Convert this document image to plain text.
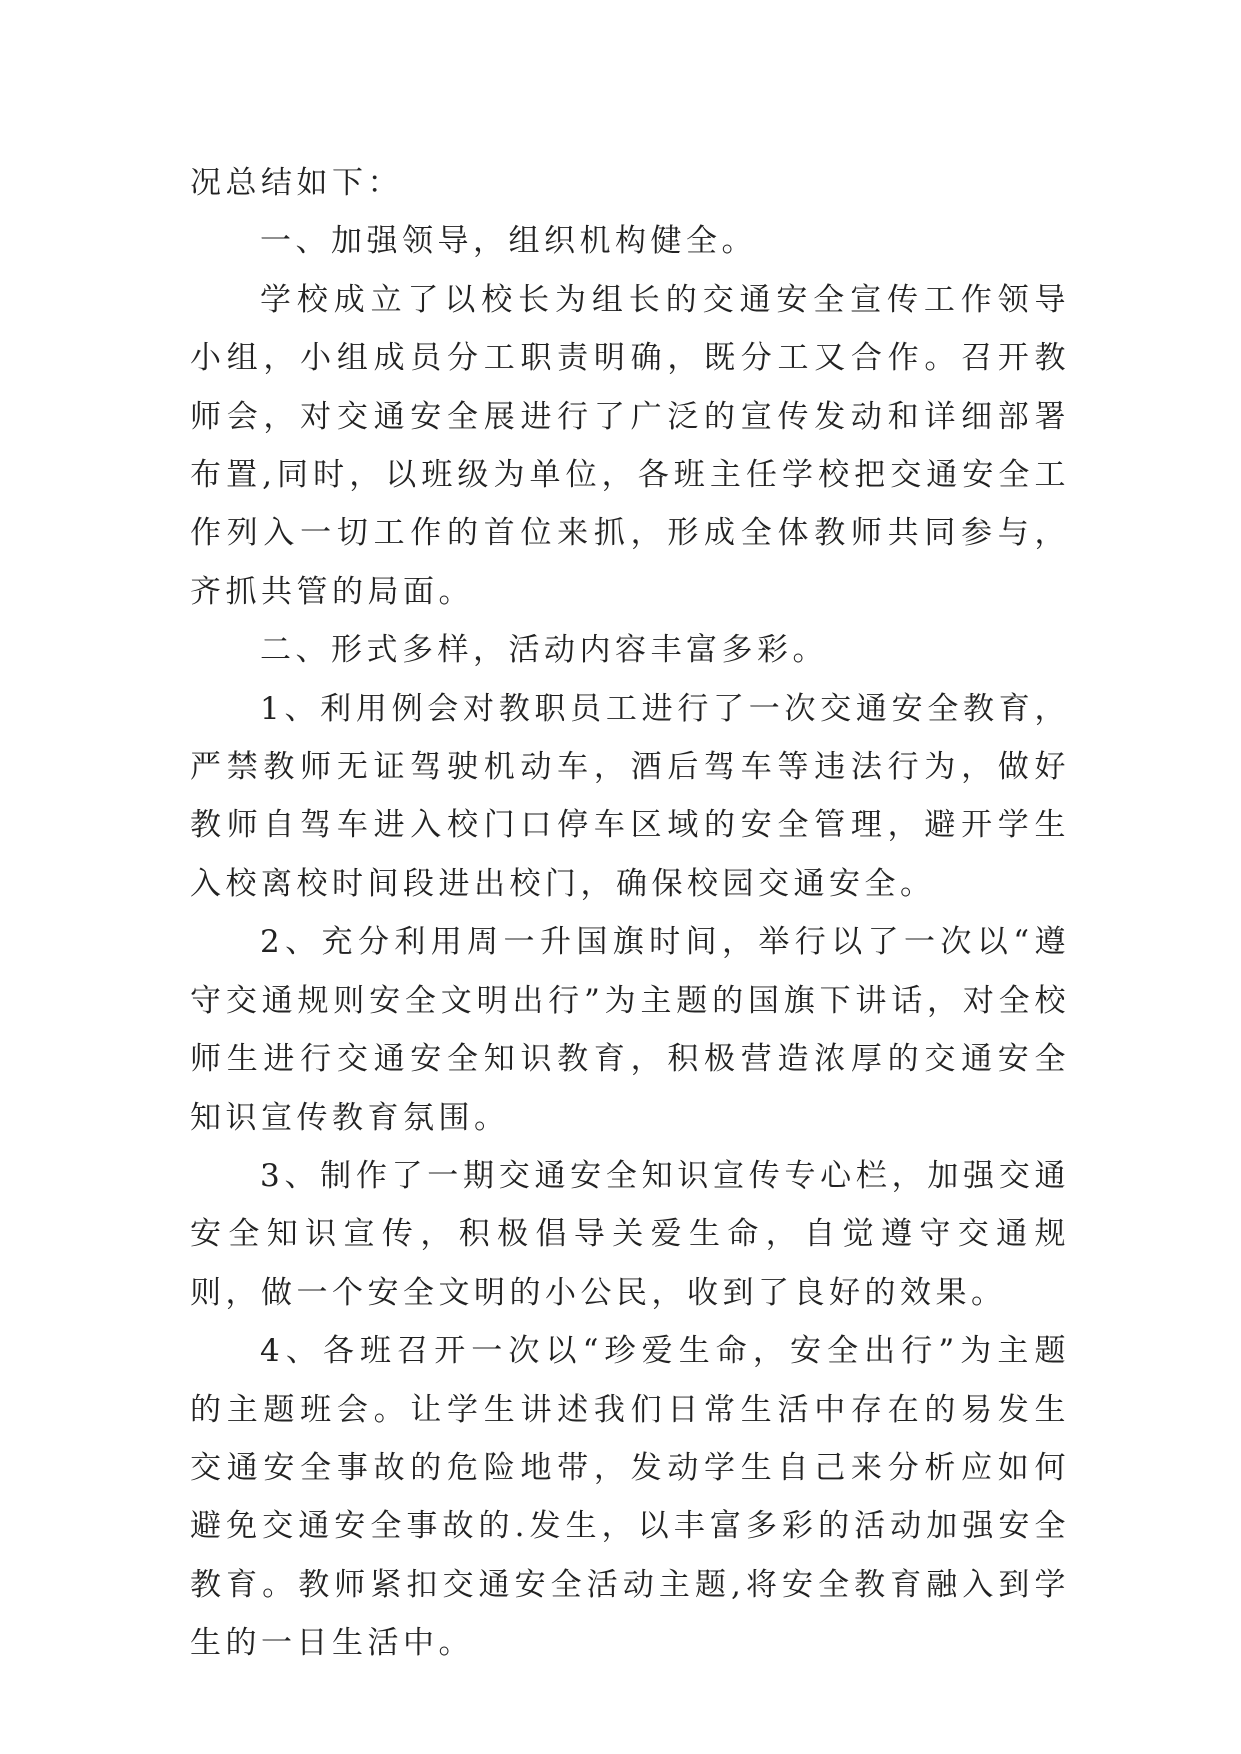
况总结如下：

一、加强领导，组织机构健全。

学校成立了以校长为组长的交通安全宣传工作领导小组，小组成员分工职责明确，既分工又合作。召开教师会，对交通安全展进行了广泛的宣传发动和详细部署布置,同时，以班级为单位，各班主任学校把交通安全工作列入一切工作的首位来抓，形成全体教师共同参与，齐抓共管的局面。

二、形式多样，活动内容丰富多彩。

1、利用例会对教职员工进行了一次交通安全教育，严禁教师无证驾驶机动车，酒后驾车等违法行为，做好教师自驾车进入校门口停车区域的安全管理，避开学生入校离校时间段进出校门，确保校园交通安全。

2、充分利用周一升国旗时间，举行以了一次以“遵守交通规则安全文明出行”为主题的国旗下讲话，对全校师生进行交通安全知识教育，积极营造浓厚的交通安全知识宣传教育氛围。

3、制作了一期交通安全知识宣传专心栏，加强交通安全知识宣传，积极倡导关爱生命，自觉遵守交通规则，做一个安全文明的小公民，收到了良好的效果。

4、各班召开一次以“珍爱生命，安全出行”为主题的主题班会。让学生讲述我们日常生活中存在的易发生交通安全事故的危险地带，发动学生自己来分析应如何避免交通安全事故的.发生，以丰富多彩的活动加强安全教育。教师紧扣交通安全活动主题,将安全教育融入到学生的一日生活中。
